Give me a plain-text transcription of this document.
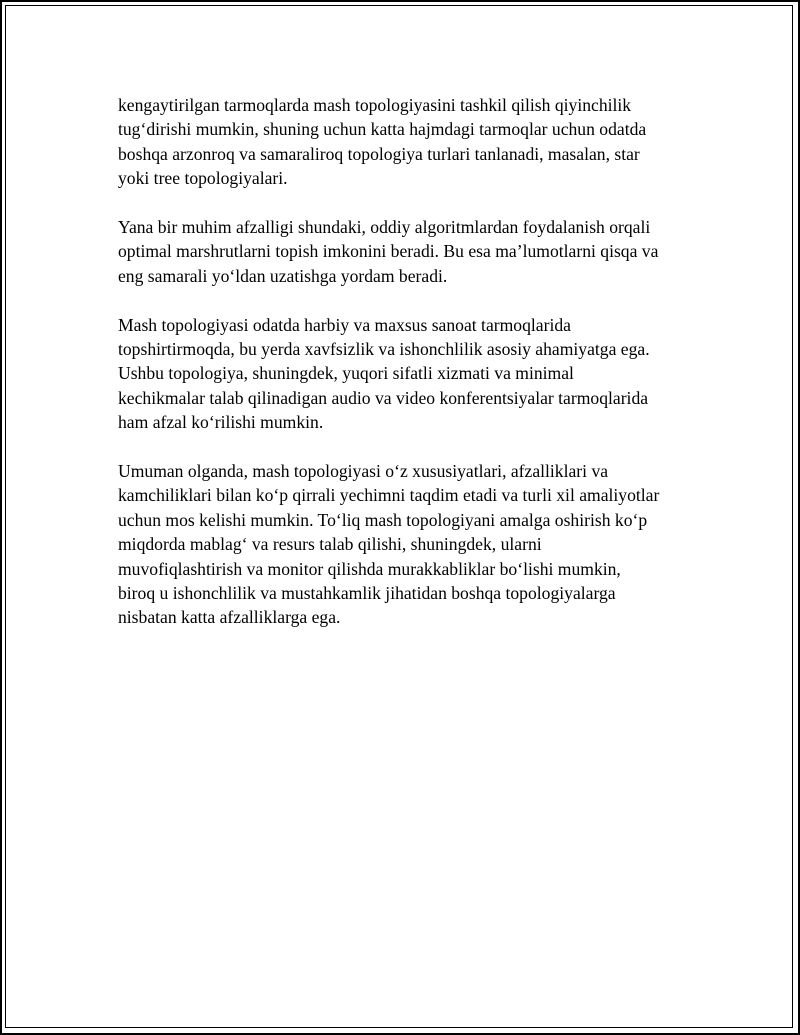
kengaytirilgan tarmoqlarda mash topologiyasini tashkil qilish qiyinchilik
tug‘dirishi mumkin, shuning uchun katta hajmdagi tarmoqlar uchun odatda
boshqa arzonroq va samaraliroq topologiya turlari tanlanadi, masalan, star
yoki tree topologiyalari.

Yana bir muhim afzalligi shundaki, oddiy algoritmlardan foydalanish orqali
optimal marshrutlarni topish imkonini beradi. Bu esa ma’lumotlarni qisqa va
eng samarali yo‘ldan uzatishga yordam beradi.

Mash topologiyasi odatda harbiy va maxsus sanoat tarmoqlarida
topshirtirmoqda, bu yerda xavfsizlik va ishonchlilik asosiy ahamiyatga ega.
Ushbu topologiya, shuningdek, yuqori sifatli xizmati va minimal
kechikmalar talab qilinadigan audio va video konferentsiyalar tarmoqlarida
ham afzal ko‘rilishi mumkin.

Umuman olganda, mash topologiyasi o‘z xususiyatlari, afzalliklari va
kamchiliklari bilan ko‘p qirrali yechimni taqdim etadi va turli xil amaliyotlar
uchun mos kelishi mumkin. To‘liq mash topologiyani amalga oshirish ko‘p
miqdorda mablag‘ va resurs talab qilishi, shuningdek, ularni
muvofiqlashtirish va monitor qilishda murakkabliklar bo‘lishi mumkin,
biroq u ishonchlilik va mustahkamlik jihatidan boshqa topologiyalarga
nisbatan katta afzalliklarga ega.
